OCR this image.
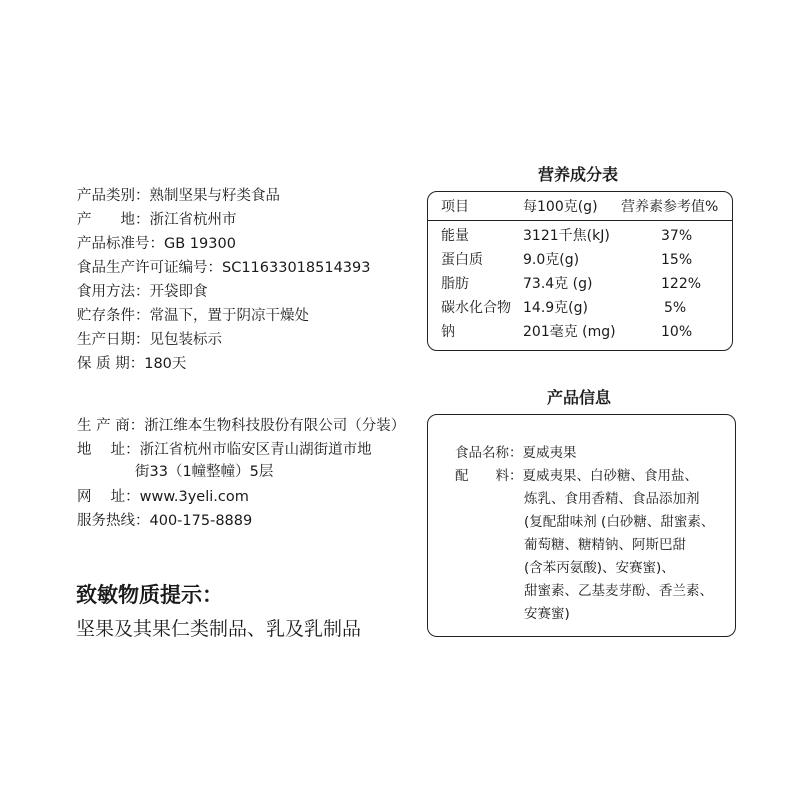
产品类别：熟制坚果与籽类食品
产　　地：浙江省杭州市
产品标准号：GB 19300
食品生产许可证编号：SC11633018514393
食用方法：开袋即食
贮存条件：常温下，置于阴凉干燥处
生产日期：见包装标示
保 质 期：180天
生 产 商：浙江维本生物科技股份有限公司（分装）
地　 址：浙江省杭州市临安区青山湖街道市地
街33（1幢整幢）5层
网　 址：www.3yeli.com
服务热线：400-175-8889
致敏物质提示：
坚果及其果仁类制品、乳及乳制品
营养成分表
项目	每100克(g) 营养素参考值%
能量	3121千焦(kJ)	37%
蛋白质	9.0克(g)	15%
脂肪	73.4克 (g)	122%
碳水化合物 14.9克(g)	5%
钠	201毫克 (mg)	10%
产品信息
食品名称：夏威夷果
配　　料：夏威夷果、白砂糖、食用盐、
炼乳、食用香精、食品添加剂
(复配甜味剂 (白砂糖、甜蜜素、
葡萄糖、糖精钠、阿斯巴甜
(含苯丙氨酸)、安赛蜜)、
甜蜜素、乙基麦芽酚、香兰素、
安赛蜜)
